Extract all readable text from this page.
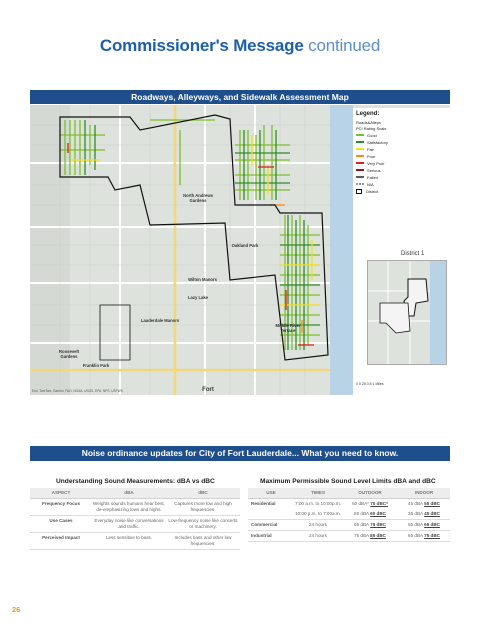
Commissioner's Message continued
Roadways, Alleyways, and Sidewalk Assessment Map
North Andrews Gardens
Oakland Park
Wilton Manors
Lazy Lake
Roosevelt Gardens
Franklin Park
Lauderdale Manors
Middle River Terrace
Fort
Esri, TomTom, Garmin, FAO, NOAA, USGS, EPA, NPS, USFWS
Legend:
Roads&Alleys
PCI Rating Scale
Good
Satisfactory
Fair
Poor
Very Poor
Serious
Failed
N/A
District
District 1
0 0.25 0.5 1 Miles
Noise ordinance updates for City of Fort Lauderdale... What you need to know.
Understanding Sound Measurements: dBA vs dBC
ASPECT	dBA	dBC
Frequency Focus	Weights sounds humans hear best, de-emphasizing lows and highs.	Captures more low and high frequencies.
Use Cases	Everyday noise like conversations and traffic.	Low-frequency noise like concerts or machinery.
Perceived Impact	Less sensitive to bass.	Includes bass and other low frequencies.
Maximum Permissible Sound Level Limits dBA and dBC
USE	TIMES	OUTDOOR	INDOOR
Residential	7:00 a.m. to 10:00p.m.	60 dBA* 70 dBC*	45 dBA 55 dBC
	10:00 p.m. to 7:00a.m.	50 dBA 60 dBC	35 dBA 45 dBC
Commercial	24 hours	65 dBA 75 dBC	55 dBA 65 dBC
Industrial	24 hours	75 dBA 85 dBC	65 dBA 75 dBC
26
